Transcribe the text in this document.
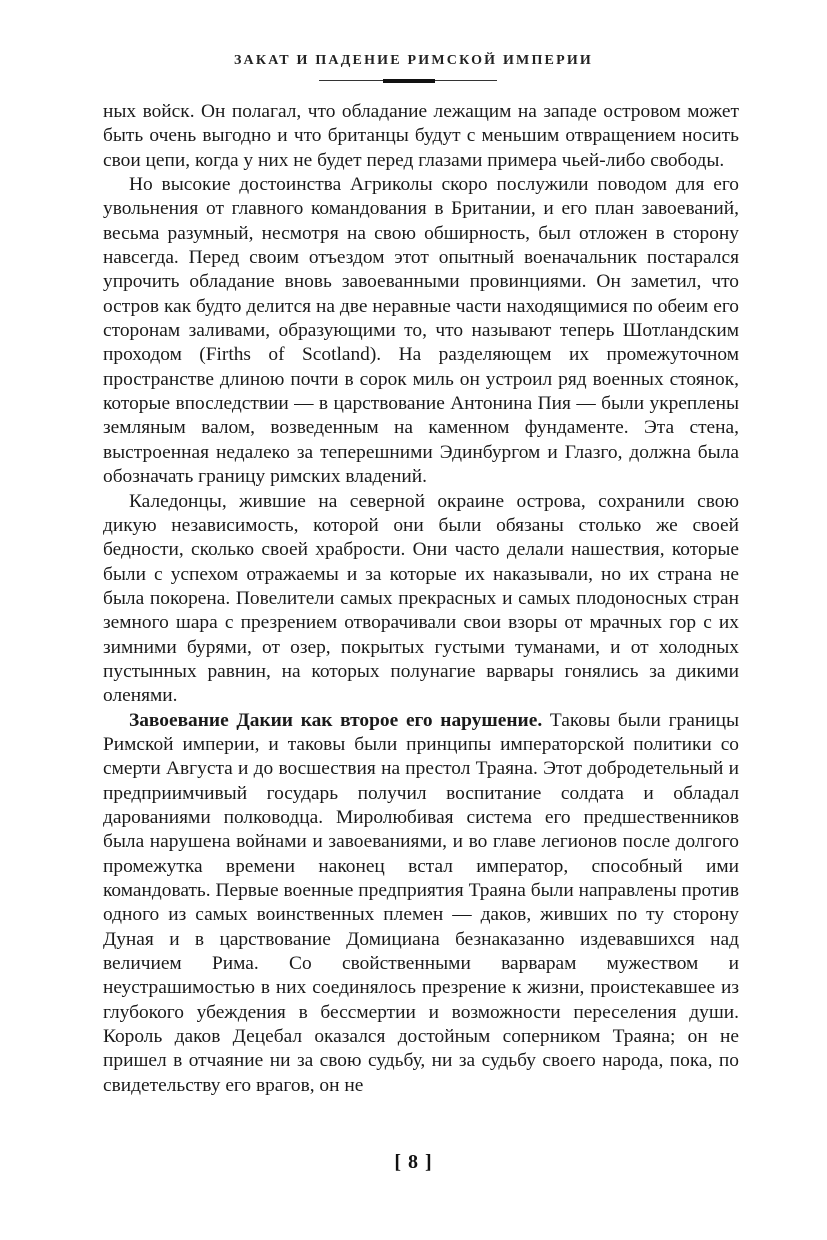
ЗАКАТ И ПАДЕНИЕ РИМСКОЙ ИМПЕРИИ

ных войск. Он полагал, что обладание лежащим на западе островом может быть очень выгодно и что британцы будут с меньшим отвращением носить свои цепи, когда у них не будет перед глазами примера чьей-либо свободы.

Но высокие достоинства Агриколы скоро послужили поводом для его увольнения от главного командования в Британии, и его план завоеваний, весьма разумный, несмотря на свою обширность, был отложен в сторону навсегда. Перед своим отъездом этот опытный военачальник постарался упрочить обладание вновь завоеванными провинциями. Он заметил, что остров как будто делится на две неравные части находящимися по обеим его сторонам заливами, образующими то, что называют теперь Шотландским проходом (Firths of Scotland). На разделяющем их промежуточном пространстве длиною почти в сорок миль он устроил ряд военных стоянок, которые впоследствии — в царствование Антонина Пия — были укреплены земляным валом, возведенным на каменном фундаменте. Эта стена, выстроенная недалеко за теперешними Эдинбургом и Глазго, должна была обозначать границу римских владений.

Каледонцы, жившие на северной окраине острова, сохранили свою дикую независимость, которой они были обязаны столько же своей бедности, сколько своей храбрости. Они часто делали нашествия, которые были с успехом отражаемы и за которые их наказывали, но их страна не была покорена. Повелители самых прекрасных и самых плодоносных стран земного шара с презрением отворачивали свои взоры от мрачных гор с их зимними бурями, от озер, покрытых густыми туманами, и от холодных пустынных равнин, на которых полунагие варвары гонялись за дикими оленями.

Завоевание Дакии как второе его нарушение. Таковы были границы Римской империи, и таковы были принципы императорской политики со смерти Августа и до восшествия на престол Траяна. Этот добродетельный и предприимчивый государь получил воспитание солдата и обладал дарованиями полководца. Миролюбивая система его предшественников была нарушена войнами и завоеваниями, и во главе легионов после долгого промежутка времени наконец встал император, способный ими командовать. Первые военные предприятия Траяна были направлены против одного из самых воинственных племен — даков, живших по ту сторону Дуная и в царствование Домициана безнаказанно издевавшихся над величием Рима. Со свойственными варварам мужеством и неустрашимостью в них соединялось презрение к жизни, проистекавшее из глубокого убеждения в бессмертии и возможности переселения души. Король даков Децебал оказался достойным соперником Траяна; он не пришел в отчаяние ни за свою судьбу, ни за судьбу своего народа, пока, по свидетельству его врагов, он не

[ 8 ]
